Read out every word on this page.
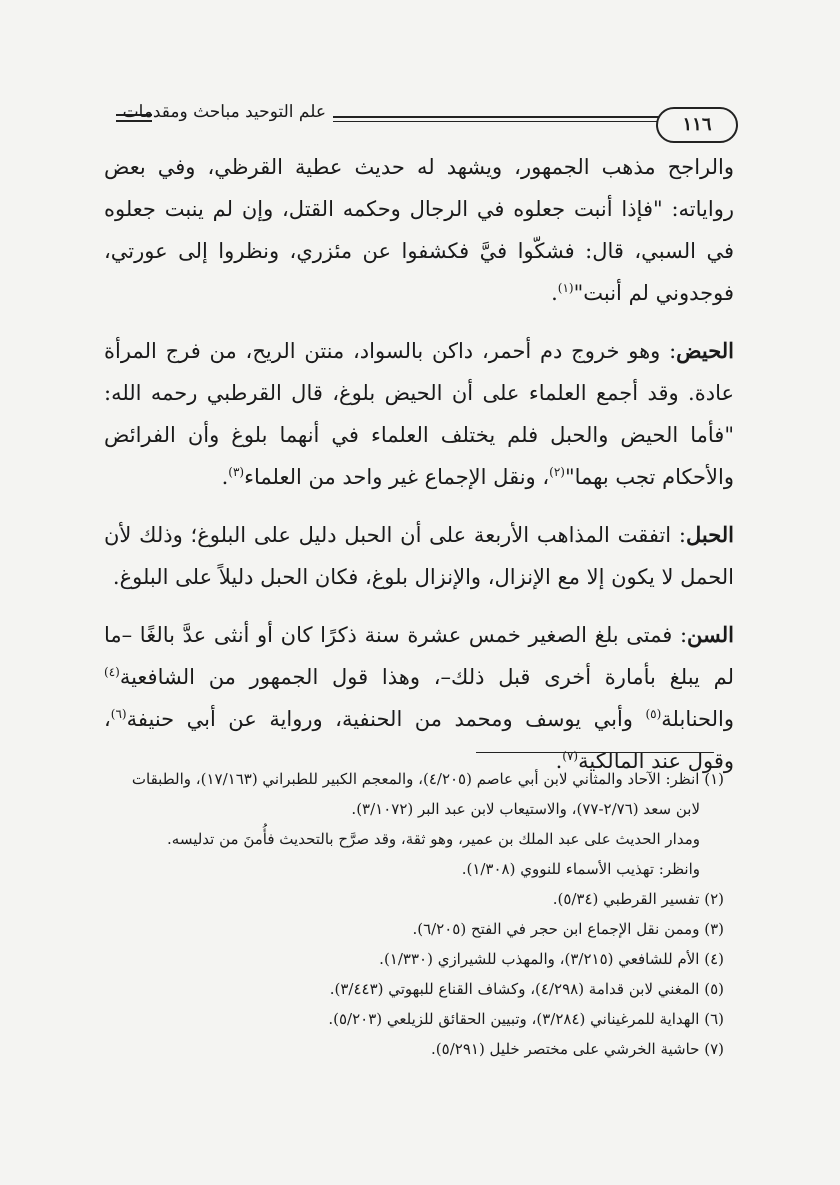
علم التوحيد مباحث ومقدمات
١١٦

والراجح مذهب الجمهور، ويشهد له حديث عطية القرظي، وفي بعض رواياته: "فإذا أنبت جعلوه في الرجال وحكمه القتل، وإن لم ينبت جعلوه في السبي، قال: فشكّوا فيَّ فكشفوا عن مئزري، ونظروا إلى عورتي، فوجدوني لم أنبت"$^{(١)}$.

الحيض: وهو خروج دم أحمر، داكن بالسواد، منتن الريح، من فرج المرأة عادة. وقد أجمع العلماء على أن الحيض بلوغ، قال القرطبي رحمه الله: "فأما الحيض والحبل فلم يختلف العلماء في أنهما بلوغ وأن الفرائض والأحكام تجب بهما"$^{(٢)}$، ونقل الإجماع غير واحد من العلماء$^{(٣)}$.

الحبل: اتفقت المذاهب الأربعة على أن الحبل دليل على البلوغ؛ وذلك لأن الحمل لا يكون إلا مع الإنزال، والإنزال بلوغ، فكان الحبل دليلاً على البلوغ.

السن: فمتى بلغ الصغير خمس عشرة سنة ذكرًا كان أو أنثى عدَّ بالغًا –ما لم يبلغ بأمارة أخرى قبل ذلك–، وهذا قول الجمهور من الشافعية$^{(٤)}$ والحنابلة$^{(٥)}$ وأبي يوسف ومحمد من الحنفية، ورواية عن أبي حنيفة$^{(٦)}$، وقول عند المالكية$^{(٧)}$.

(١) انظر: الآحاد والمثاني لابن أبي عاصم (٤/٢٠٥)، والمعجم الكبير للطبراني (١٧/١٦٣)، والطبقات

لابن سعد (٢/٧٦-٧٧)، والاستيعاب لابن عبد البر (٣/١٠٧٢).

ومدار الحديث على عبد الملك بن عمير، وهو ثقة، وقد صرَّح بالتحديث فأُمنَ من تدليسه.

وانظر: تهذيب الأسماء للنووي (١/٣٠٨).

(٢) تفسير القرطبي (٥/٣٤).

(٣) وممن نقل الإجماع ابن حجر في الفتح (٦/٢٠٥).

(٤) الأم للشافعي (٣/٢١٥)، والمهذب للشيرازي (١/٣٣٠).

(٥) المغني لابن قدامة (٤/٢٩٨)، وكشاف القناع للبهوتي (٣/٤٤٣).

(٦) الهداية للمرغيناني (٣/٢٨٤)، وتبيين الحقائق للزيلعي (٥/٢٠٣).

(٧) حاشية الخرشي على مختصر خليل (٥/٢٩١).
